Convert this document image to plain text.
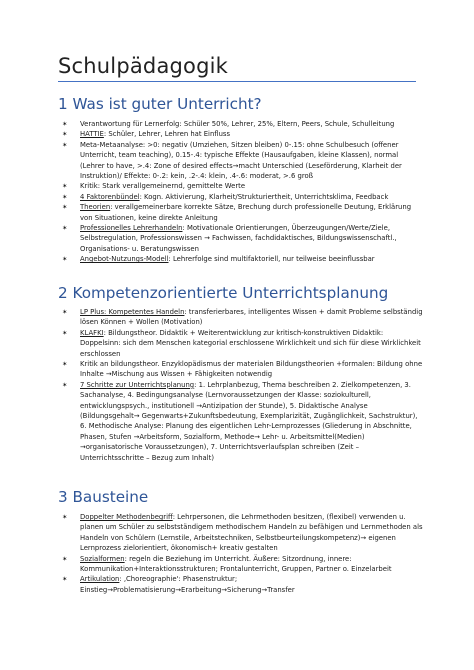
Schulpädagogik
1 Was ist guter Unterricht?
✶ Verantwortung für Lernerfolg: Schüler 50%, Lehrer, 25%, Eltern, Peers, Schule, Schulleitung
✶ HATTIE: Schüler, Lehrer, Lehren hat Einfluss
✶ Meta-Metaanalyse: >0: negativ (Umziehen, Sitzen bleiben) 0-.15: ohne Schulbesuch (offener Unterricht, team teaching), 0.15-.4: typische Effekte (Hausaufgaben, kleine Klassen), normal (Lehrer to have, >.4: Zone of desired effects→macht Unterschied (Leseförderung, Klarheit der Instruktion)/ Effekte: 0-.2: kein, .2-.4: klein, .4-.6: moderat, >.6 groß
✶ Kritik: Stark verallgemeinernd, gemittelte Werte
✶ 4 Faktorenbündel: Kogn. Aktivierung, Klarheit/Strukturiertheit, Unterrichtsklima, Feedback
✶ Theorien: verallgemeinerbare korrekte Sätze, Brechung durch professionelle Deutung, Erklärung von Situationen, keine direkte Anleitung
✶ Professionelles Lehrerhandeln: Motivationale Orientierungen, Überzeugungen/Werte/Ziele, Selbstregulation, Professionswissen → Fachwissen, fachdidaktisches, Bildungswissenschaftl., Organisations- u. Beratungswissen
✶ Angebot-Nutzungs-Modell: Lehrerfolge sind multifaktoriell, nur teilweise beeinflussbar
2 Kompetenzorientierte Unterrichtsplanung
✶ LP Plus: Kompetentes Handeln: transferierbares, intelligentes Wissen + damit Probleme selbständig lösen Können + Wollen (Motivation)
✶ KLAFKI: Bildungstheor. Didaktik + Weiterentwicklung zur kritisch-konstruktiven Didaktik: Doppelsinn: sich dem Menschen kategorial erschlossene Wirklichkeit und sich für diese Wirklichkeit erschlossen
✶ Kritik an bildungstheor. Enzyklopädismus der materialen Bildungstheorien +formalen: Bildung ohne Inhalte →Mischung aus Wissen + Fähigkeiten notwendig
✶ 7 Schritte zur Unterrichtsplanung: 1. Lehrplanbezug, Thema beschreiben 2. Zielkompetenzen, 3. Sachanalyse, 4. Bedingungsanalyse (Lernvoraussetzungen der Klasse: soziokulturell, entwicklungspsych., institutionell →Antizipation der Stunde), 5. Didaktische Analyse (Bildungsgehalt→ Gegenwarts+Zukunftsbedeutung, Exemplarizität, Zugänglichkeit, Sachstruktur), 6. Methodische Analyse: Planung des eigentlichen Lehr-Lernprozesses (Gliederung in Abschnitte, Phasen, Stufen →Arbeitsform, Sozialform, Methode→ Lehr- u. Arbeitsmittel(Medien) →organisatorische Voraussetzungen), 7. Unterrichtsverlaufsplan schreiben (Zeit – Unterrichtsschritte – Bezug zum Inhalt)
3 Bausteine
✶ Doppelter Methodenbegriff: Lehrpersonen, die Lehrmethoden besitzen, (flexibel) verwenden u. planen um Schüler zu selbstständigem methodischem Handeln zu befähigen und Lernmethoden als Handeln von Schülern (Lernstile, Arbeitstechniken, Selbstbeurteilungskompetenz)→ eigenen Lernprozess zielorientiert, ökonomisch+ kreativ gestalten
✶ Sozialformen: regeln die Beziehung im Unterricht. Äußere: Sitzordnung, innere: Kommunikation+Interaktionsstrukturen; Frontalunterricht, Gruppen, Partner o. Einzelarbeit
✶ Artikulation: ‚Choreographie': Phasenstruktur; Einstieg→Problematisierung→Erarbeitung→Sicherung→Transfer
